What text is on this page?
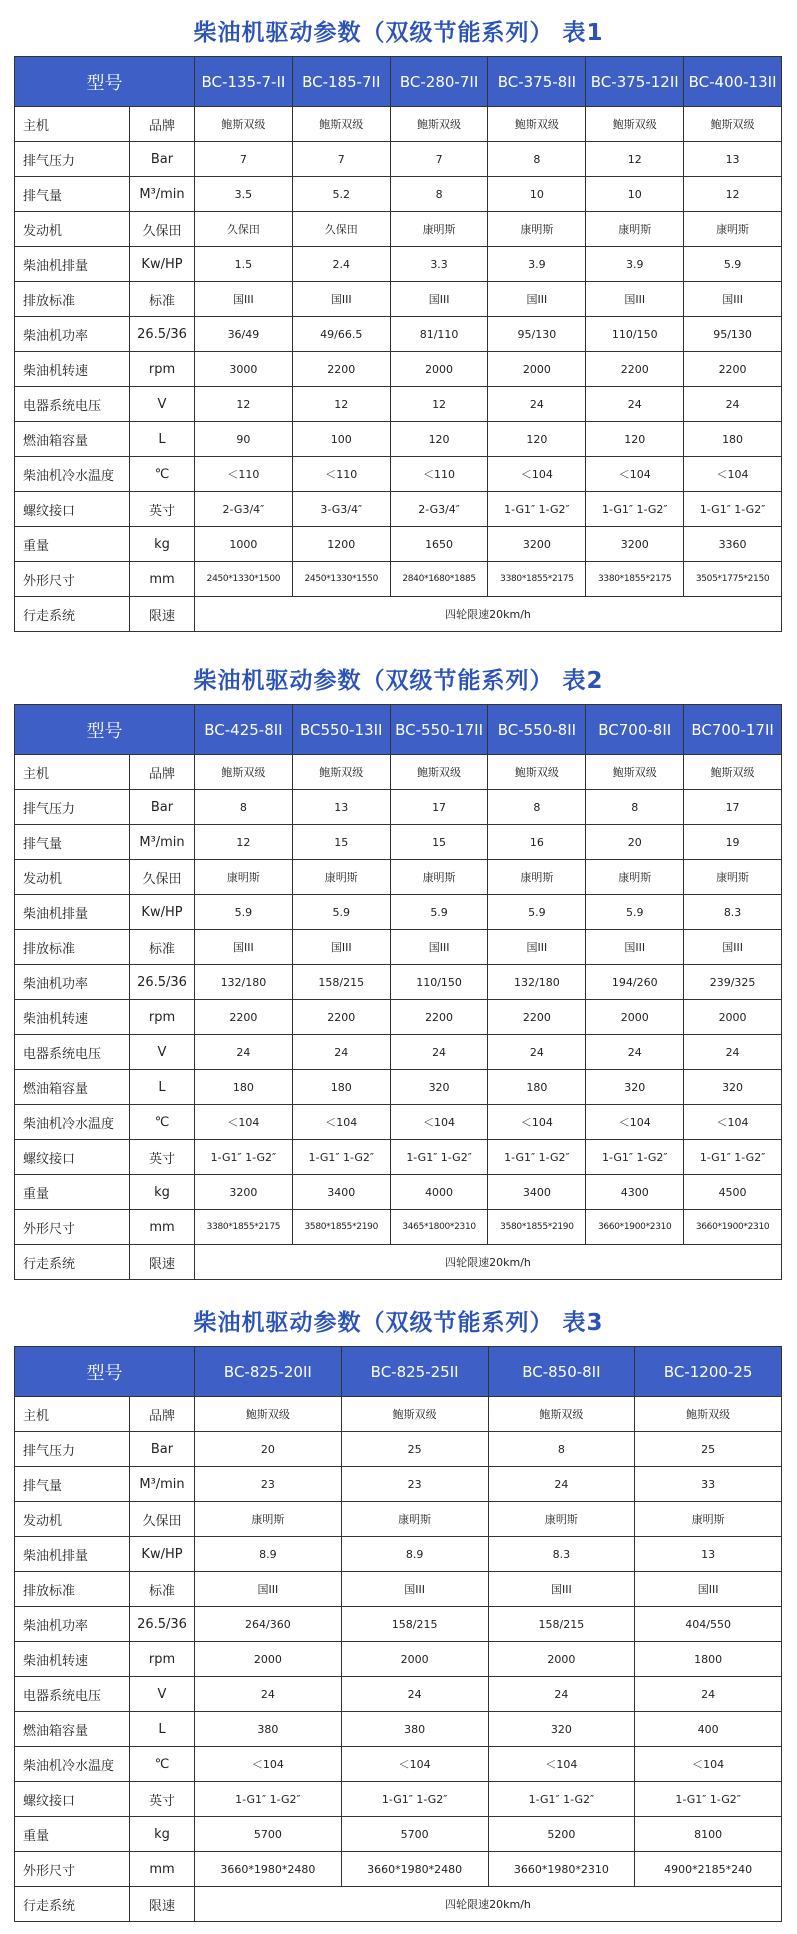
柴油机驱动参数（双级节能系列） 表1
型号		BC-135-7-II	BC-185-7II	BC-280-7II	BC-375-8II	BC-375-12II	BC-400-13II
主机	品牌	鲍斯双级	鲍斯双级	鲍斯双级	鲍斯双级	鲍斯双级	鲍斯双级
排气压力	Bar	7	7	7	8	12	13
排气量	M³/min	3.5	5.2	8	10	10	12
发动机	久保田	久保田	久保田	康明斯	康明斯	康明斯	康明斯
柴油机排量	Kw/HP	1.5	2.4	3.3	3.9	3.9	5.9
排放标准	标准	国III	国III	国III	国III	国III	国III
柴油机功率	26.5/36	36/49	49/66.5	81/110	95/130	110/150	95/130
柴油机转速	rpm	3000	2200	2000	2000	2200	2200
电器系统电压	V	12	12	12	24	24	24
燃油箱容量	L	90	100	120	120	120	180
柴油机冷水温度	℃	＜110	＜110	＜110	＜104	＜104	＜104
螺纹接口	英寸	2-G3/4″	3-G3/4″	2-G3/4″	1-G1″ 1-G2″	1-G1″ 1-G2″	1-G1″ 1-G2″
重量	kg	1000	1200	1650	3200	3200	3360
外形尺寸	mm	2450*1330*1500	2450*1330*1550	2840*1680*1885	3380*1855*2175	3380*1855*2175	3505*1775*2150
行走系统	限速	四轮限速20km/h					
柴油机驱动参数（双级节能系列） 表2
型号		BC-425-8II	BC550-13II	BC-550-17II	BC-550-8II	BC700-8II	BC700-17II
主机	品牌	鲍斯双级	鲍斯双级	鲍斯双级	鲍斯双级	鲍斯双级	鲍斯双级
排气压力	Bar	8	13	17	8	8	17
排气量	M³/min	12	15	15	16	20	19
发动机	久保田	康明斯	康明斯	康明斯	康明斯	康明斯	康明斯
柴油机排量	Kw/HP	5.9	5.9	5.9	5.9	5.9	8.3
排放标准	标准	国III	国III	国III	国III	国III	国III
柴油机功率	26.5/36	132/180	158/215	110/150	132/180	194/260	239/325
柴油机转速	rpm	2200	2200	2200	2200	2000	2000
电器系统电压	V	24	24	24	24	24	24
燃油箱容量	L	180	180	320	180	320	320
柴油机冷水温度	℃	＜104	＜104	＜104	＜104	＜104	＜104
螺纹接口	英寸	1-G1″ 1-G2″	1-G1″ 1-G2″	1-G1″ 1-G2″	1-G1″ 1-G2″	1-G1″ 1-G2″	1-G1″ 1-G2″
重量	kg	3200	3400	4000	3400	4300	4500
外形尺寸	mm	3380*1855*2175	3580*1855*2190	3465*1800*2310	3580*1855*2190	3660*1900*2310	3660*1900*2310
行走系统	限速	四轮限速20km/h					
柴油机驱动参数（双级节能系列） 表3
型号		BC-825-20II	BC-825-25II	BC-850-8II	BC-1200-25
主机	品牌	鲍斯双级	鲍斯双级	鲍斯双级	鲍斯双级
排气压力	Bar	20	25	8	25
排气量	M³/min	23	23	24	33
发动机	久保田	康明斯	康明斯	康明斯	康明斯
柴油机排量	Kw/HP	8.9	8.9	8.3	13
排放标准	标准	国III	国III	国III	国III
柴油机功率	26.5/36	264/360	158/215	158/215	404/550
柴油机转速	rpm	2000	2000	2000	1800
电器系统电压	V	24	24	24	24
燃油箱容量	L	380	380	320	400
柴油机冷水温度	℃	＜104	＜104	＜104	＜104
螺纹接口	英寸	1-G1″ 1-G2″	1-G1″ 1-G2″	1-G1″ 1-G2″	1-G1″ 1-G2″
重量	kg	5700	5700	5200	8100
外形尺寸	mm	3660*1980*2480	3660*1980*2480	3660*1980*2310	4900*2185*240
行走系统	限速	四轮限速20km/h			
